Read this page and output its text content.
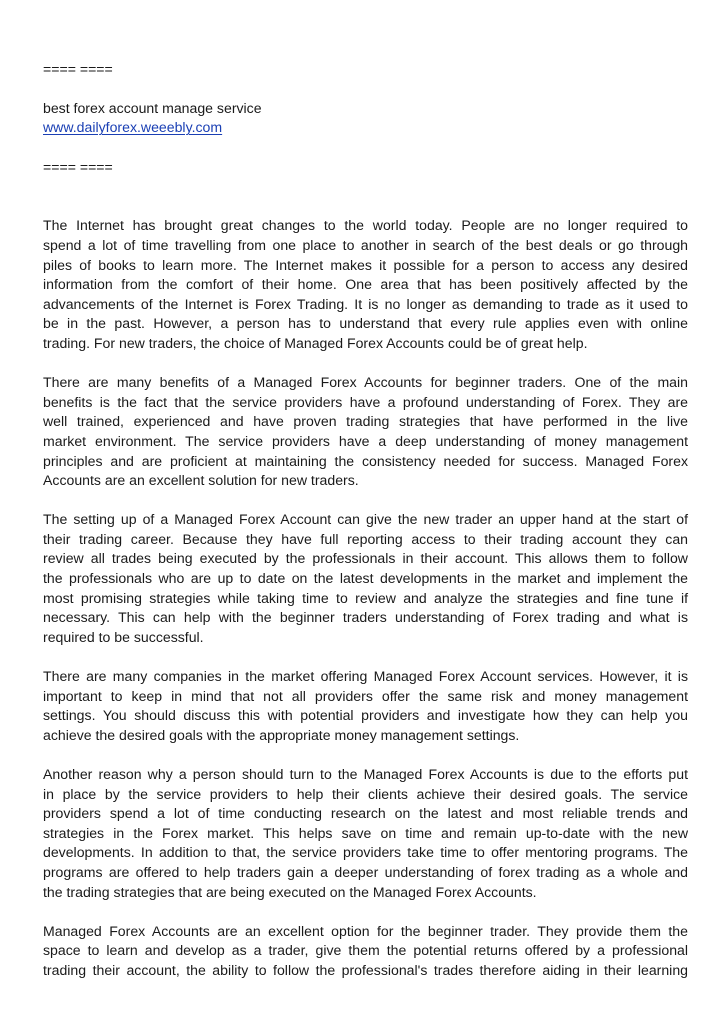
==== ====

best forex account manage service

www.dailyforex.weeebly.com

==== ====

The Internet has brought great changes to the world today. People are no longer required to
spend a lot of time travelling from one place to another in search of the best deals or go through
piles of books to learn more. The Internet makes it possible for a person to access any desired
information from the comfort of their home. One area that has been positively affected by the
advancements of the Internet is Forex Trading. It is no longer as demanding to trade as it used to
be in the past. However, a person has to understand that every rule applies even with online
trading. For new traders, the choice of Managed Forex Accounts could be of great help.

There are many benefits of a Managed Forex Accounts for beginner traders. One of the main
benefits is the fact that the service providers have a profound understanding of Forex. They are
well trained, experienced and have proven trading strategies that have performed in the live
market environment. The service providers have a deep understanding of money management
principles and are proficient at maintaining the consistency needed for success. Managed Forex
Accounts are an excellent solution for new traders.

The setting up of a Managed Forex Account can give the new trader an upper hand at the start of
their trading career. Because they have full reporting access to their trading account they can
review all trades being executed by the professionals in their account. This allows them to follow
the professionals who are up to date on the latest developments in the market and implement the
most promising strategies while taking time to review and analyze the strategies and fine tune if
necessary. This can help with the beginner traders understanding of Forex trading and what is
required to be successful.

There are many companies in the market offering Managed Forex Account services. However, it is
important to keep in mind that not all providers offer the same risk and money management
settings. You should discuss this with potential providers and investigate how they can help you
achieve the desired goals with the appropriate money management settings.

Another reason why a person should turn to the Managed Forex Accounts is due to the efforts put
in place by the service providers to help their clients achieve their desired goals. The service
providers spend a lot of time conducting research on the latest and most reliable trends and
strategies in the Forex market. This helps save on time and remain up-to-date with the new
developments. In addition to that, the service providers take time to offer mentoring programs. The
programs are offered to help traders gain a deeper understanding of forex trading as a whole and
the trading strategies that are being executed on the Managed Forex Accounts.

Managed Forex Accounts are an excellent option for the beginner trader. They provide them the
space to learn and develop as a trader, give them the potential returns offered by a professional
trading their account, the ability to follow the professional's trades therefore aiding in their learning
